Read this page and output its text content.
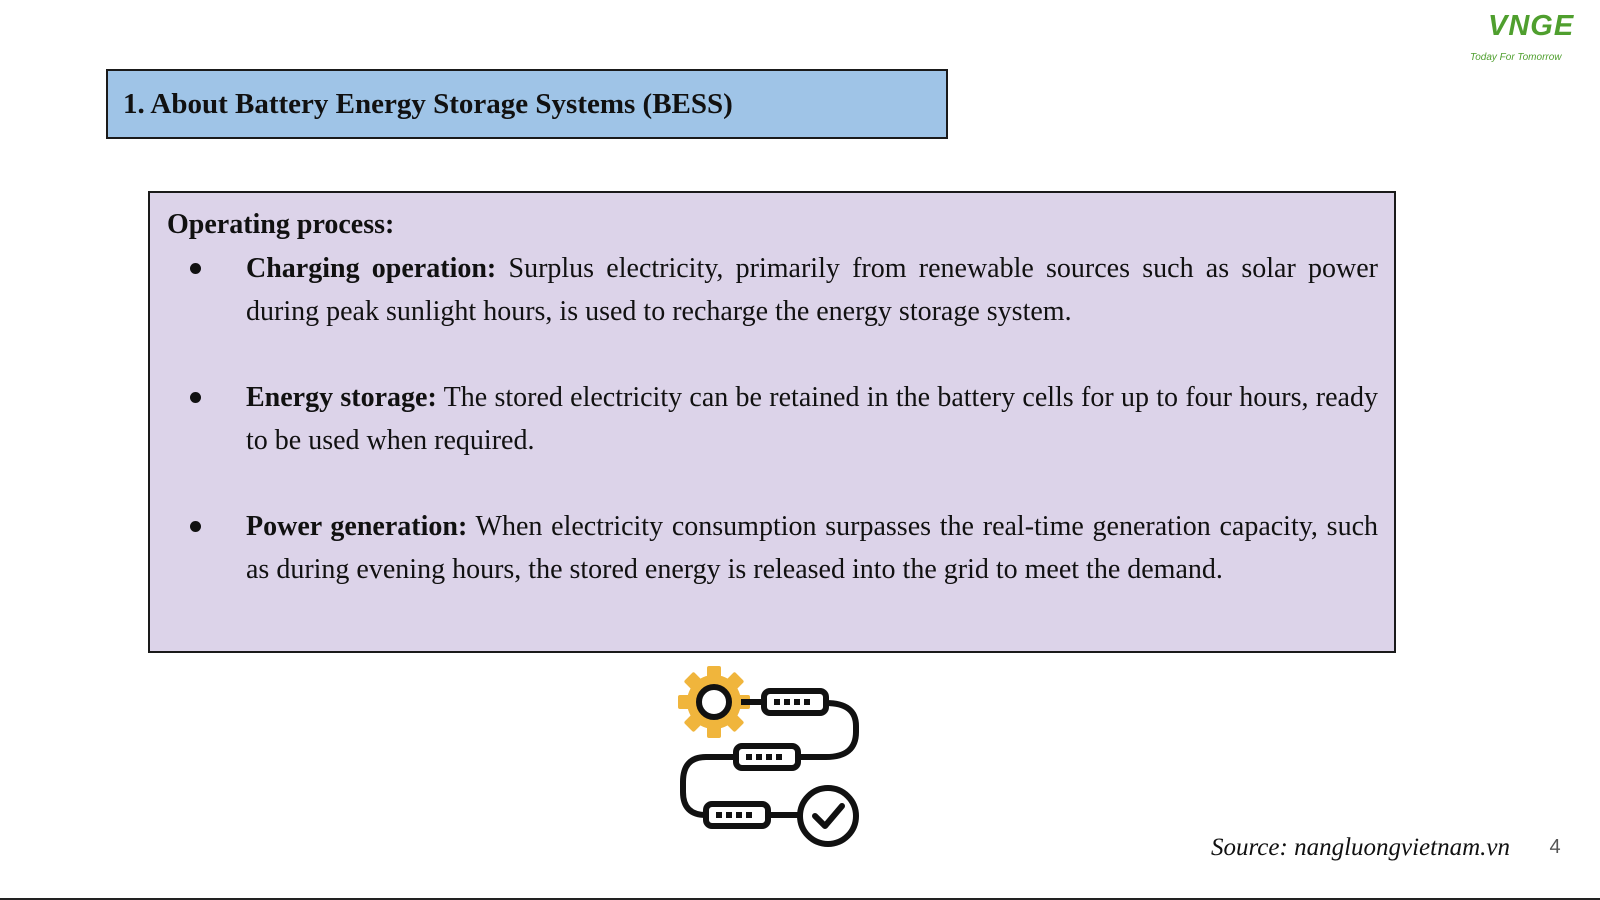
VNGE
Today For Tomorrow
1. About Battery Energy Storage Systems (BESS)
Operating process:
Charging operation: Surplus electricity, primarily from renewable sources such as solar power during peak sunlight hours, is used to recharge the energy storage system.
Energy storage: The stored electricity can be retained in the battery cells for up to four hours, ready to be used when required.
Power generation: When electricity consumption surpasses the real-time generation capacity, such as during evening hours, the stored energy is released into the grid to meet the demand.
Source: nangluongvietnam.vn	4
